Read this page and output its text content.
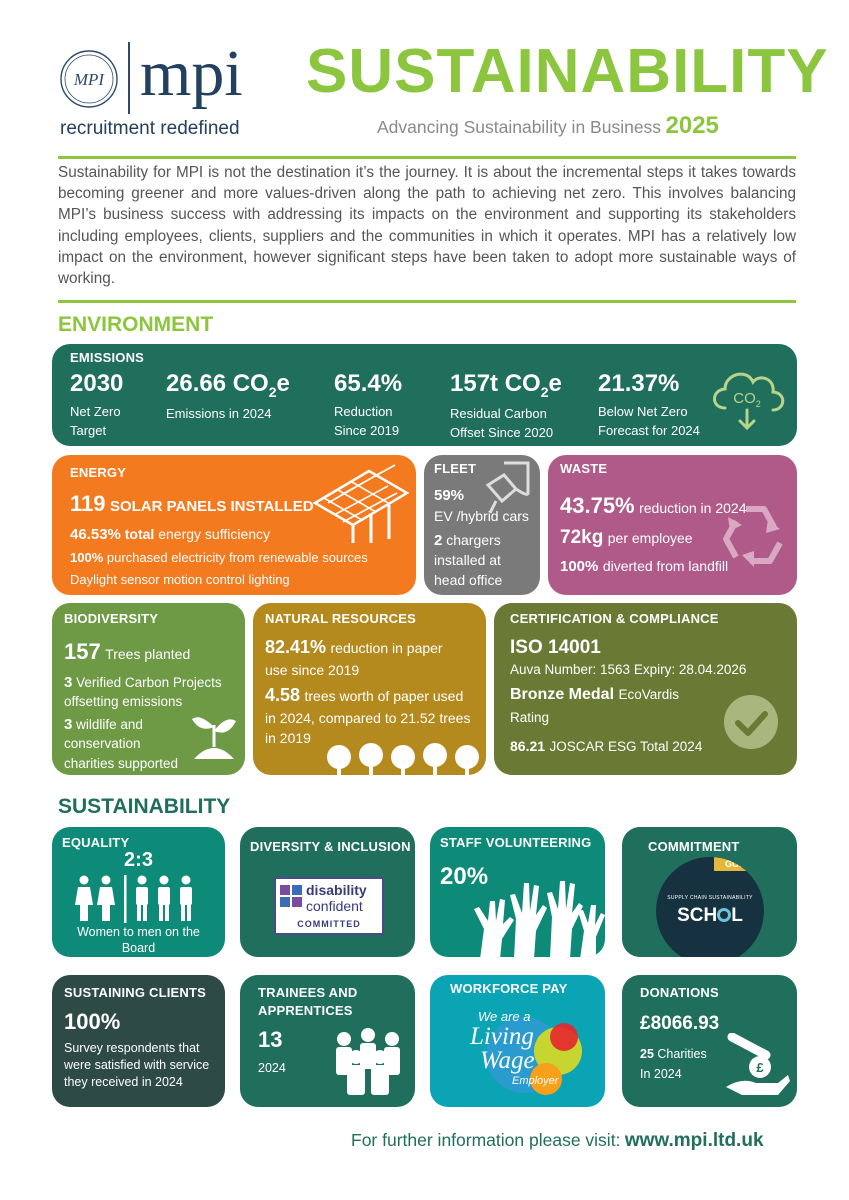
MPI mpi
recruitment redefined
SUSTAINABILITY
Advancing Sustainability in Business 2025
Sustainability for MPI is not the destination it’s the journey. It is about the incremental steps it takes towards becoming greener and more values-driven along the path to achieving net zero. This involves balancing MPI’s business success with addressing its impacts on the environment and supporting its stakeholders including employees, clients, suppliers and the communities in which it operates. MPI has a relatively low impact on the environment, however significant steps have been taken to adopt more sustainable ways of working.
ENVIRONMENT
EMISSIONS
2030
Net Zero
Target
26.66 $CO_2e$
Emissions in 2024
65.4%
Reduction
Since 2019
157t $CO_2e$
Residual Carbon
Offset Since 2020
21.37%
Below Net Zero
Forecast for 2024
$CO_2$
ENERGY
119 SOLAR PANELS INSTALLED
46.53% total energy sufficiency
100% purchased electricity from renewable sources
Daylight sensor motion control lighting
FLEET
59%
EV /hybrid cars
2 chargers
installed at
head office
WASTE
43.75% reduction in 2024
72kg per employee
100% diverted from landfill
BIODIVERSITY
157 Trees planted
3 Verified Carbon Projects
offsetting emissions
3 wildlife and
conservation
charities supported
NATURAL RESOURCES
82.41% reduction in paper
use since 2019
4.58 trees worth of paper used
in 2024, compared to 21.52 trees
in 2019
CERTIFICATION & COMPLIANCE
ISO 14001
Auva Number: 1563 Expiry: 28.04.2026
Bronze Medal EcoVardis
Rating
86.21 JOSCAR ESG Total 2024
SUSTAINABILITY
EQUALITY
2:3
Women to men on the
Board
DIVERSITY & INCLUSION
disability
confident
COMMITTED
STAFF VOLUNTEERING
20%
COMMITMENT
GOLD
SUPPLY CHAIN SUSTAINABILITY
SCH L
SUSTAINING CLIENTS
100%
Survey respondents that
were satisfied with service
they received in 2024
TRAINEES AND
APPRENTICES
13
2024
WORKFORCE PAY
We are a
Living
Wage
Employer
DONATIONS
£8066.93
25 Charities
In 2024	£
For further information please visit: www.mpi.ltd.uk
